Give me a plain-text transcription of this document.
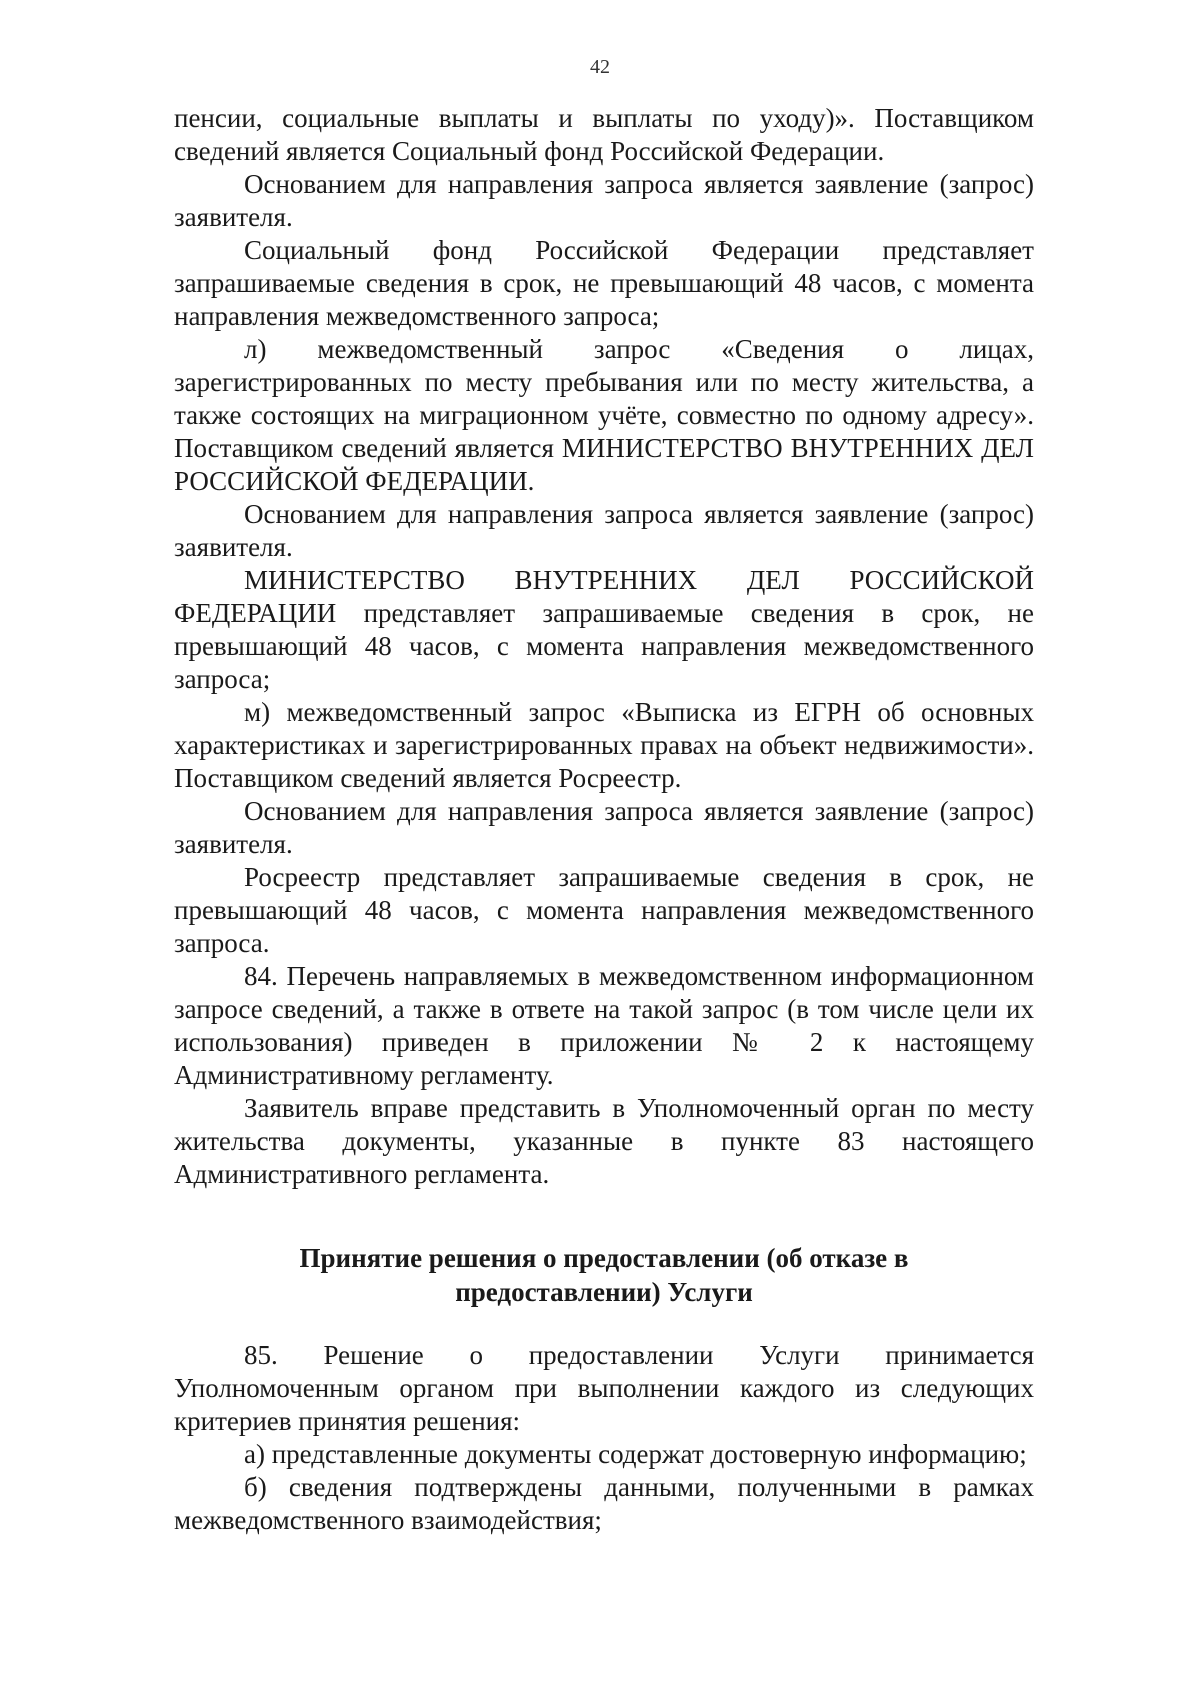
42

пенсии, социальные выплаты и выплаты по уходу)». Поставщиком сведений является Социальный фонд Российской Федерации.

Основанием для направления запроса является заявление (запрос) заявителя.

Социальный фонд Российской Федерации представляет запрашиваемые сведения в срок, не превышающий 48 часов, с момента направления межведомственного запроса;

л) межведомственный запрос «Сведения о лицах, зарегистрированных по месту пребывания или по месту жительства, а также состоящих на миграционном учёте, совместно по одному адресу». Поставщиком сведений является МИНИСТЕРСТВО ВНУТРЕННИХ ДЕЛ РОССИЙСКОЙ ФЕДЕРАЦИИ.

Основанием для направления запроса является заявление (запрос) заявителя.

МИНИСТЕРСТВО ВНУТРЕННИХ ДЕЛ РОССИЙСКОЙ ФЕДЕРАЦИИ представляет запрашиваемые сведения в срок, не превышающий 48 часов, с момента направления межведомственного запроса;

м) межведомственный запрос «Выписка из ЕГРН об основных характеристиках и зарегистрированных правах на объект недвижимости». Поставщиком сведений является Росреестр.

Основанием для направления запроса является заявление (запрос) заявителя.

Росреестр представляет запрашиваемые сведения в срок, не превышающий 48 часов, с момента направления межведомственного запроса.

84. Перечень направляемых в межведомственном информационном запросе сведений, а также в ответе на такой запрос (в том числе цели их использования) приведен в приложении № 2 к настоящему Административному регламенту.

Заявитель вправе представить в Уполномоченный орган по месту жительства документы, указанные в пункте 83 настоящего Административного регламента.

Принятие решения о предоставлении (об отказе в
предоставлении) Услуги

85. Решение о предоставлении Услуги принимается Уполномоченным органом при выполнении каждого из следующих критериев принятия решения:

а) представленные документы содержат достоверную информацию;

б) сведения подтверждены данными, полученными в рамках межведомственного взаимодействия;
